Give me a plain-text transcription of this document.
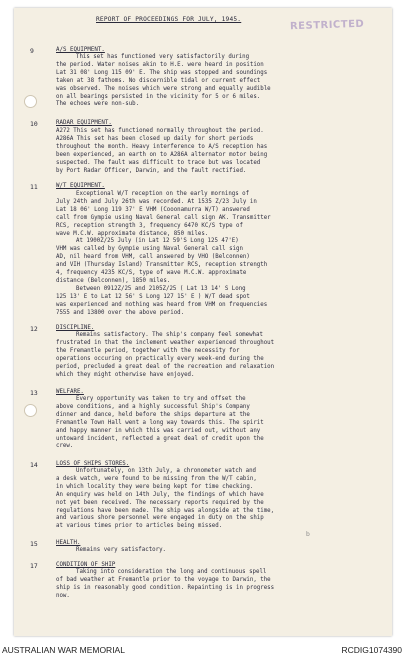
REPORT OF PROCEEDINGS FOR JULY, 1945.	RESTRICTED
9	A/S EQUIPMENT.

This set has functioned very satisfactorily during

the period. Water noises akin to H.E. were heard in position

Lat 31 08' Long 115 09' E. The ship was stopped and soundings

taken at 38 fathoms. No discernible tidal or current effect

was observed. The noises which were strong and equally audible

on all bearings persisted in the vicinity for 5 or 6 miles.

The echoes were non-sub.

10	RADAR EQUIPMENT.

A272 This set has functioned normally throughout the period.

A286A This set has been closed up daily for short periods

throughout the month. Heavy interference to A/S reception has

been experienced, an earth on to A286A alternator motor being

suspected. The fault was difficult to trace but was located

by Port Radar Officer, Darwin, and the fault rectified.

11	W/T EQUIPMENT.

Exceptional W/T reception on the early mornings of

July 24th and July 26th was recorded. At 1535 Z/23 July in

Lat 18 06' Long 119 37' E VHM (Cooonamurra W/T) answered

call from Gympie using Naval General call sign AK. Transmitter

RCS, reception strength 3, frequency 6470 KC/S type of

wave M.C.W. approximate distance, 850 miles.

At 1900Z/25 July (in Lat 12 59'S Long 125 47'E)

VHM was called by Gympie using Naval General call sign

AD, nil heard from VHM, call answered by VHO (Belconnen)

and VIH (Thursday Island) Transmitter RCS, reception strength

4, frequency 4235 KC/S, type of wave M.C.W. approximate

distance (Belconnen), 1850 miles.

Between 0912Z/25 and 2105Z/25 ( Lat 13 14' S Long

125 13' E to Lat 12 56' S Long 127 15' E ) W/T dead spot

was experienced and nothing was heard from VHM on frequencies

7555 and 13800 over the above period.

12	DISCIPLINE.

Remains satisfactory. The ship's company feel somewhat

frustrated in that the inclement weather experienced throughout

the Fremantle period, together with the necessity for

operations occuring on practically every week-end during the

period, precluded a great deal of the recreation and relaxation

which they might otherwise have enjoyed.

13	WELFARE.

Every opportunity was taken to try and offset the

above conditions, and a highly successful Ship's Company

dinner and dance, held before the ships departure at the

Fremantle Town Hall went a long way towards this. The spirit

and happy manner in which this was carried out, without any

untoward incident, reflected a great deal of credit upon the

crew.

14	LOSS OF SHIPS STORES.

Unfortunately, on 13th July, a chronometer watch and

a desk watch, were found to be missing from the W/T cabin,

in which locality they were being kept for time checking.

An enquiry was held on 14th July, the findings of which have

not yet been received. The necessary reports required by the

regulations have been made. The ship was alongside at the time,

and various shore personnel were engaged in duty on the ship

at various times prior to articles being missed.

15	HEALTH.

Remains very satisfactory.

b
17	CONDITION OF SHIP

Taking into consideration the long and continuous spell

of bad weather at Fremantle prior to the voyage to Darwin, the

ship is in reasonably good condition. Repainting is in progress

now.

AUSTRALIAN WAR MEMORIAL	RCDIG1074390
